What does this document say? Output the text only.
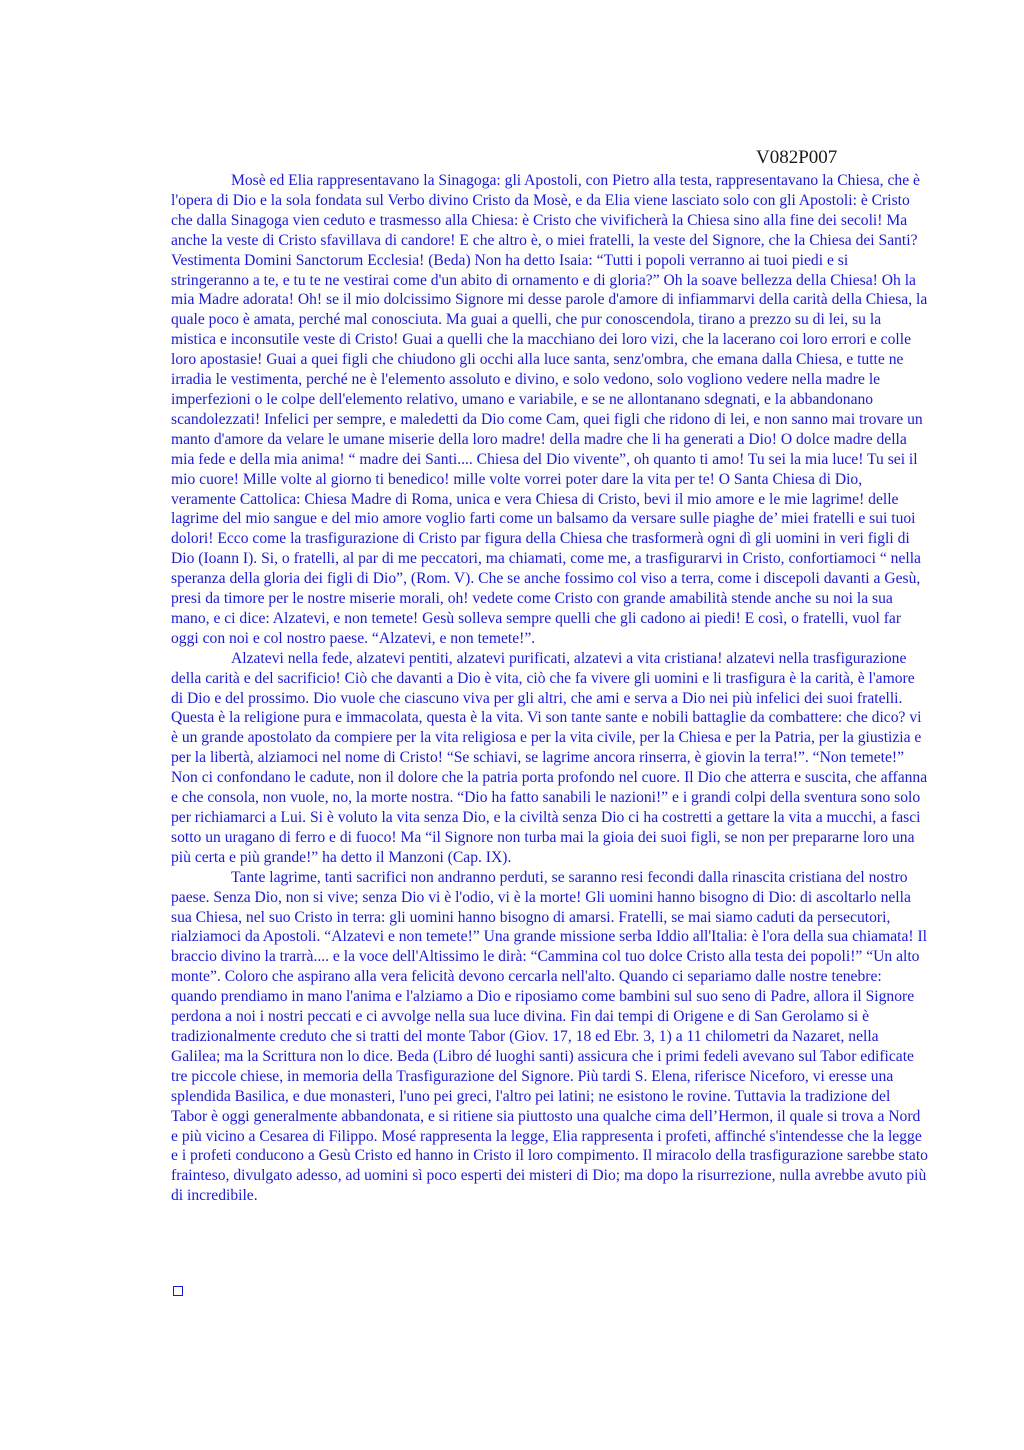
V082P007

Mosè ed Elia rappresentavano la Sinagoga: gli Apostoli, con Pietro alla testa, rappresentavano la Chiesa, che è l'opera di Dio e la sola fondata sul Verbo divino Cristo da Mosè, e da Elia viene lasciato solo con gli Apostoli: è Cristo che dalla Sinagoga vien ceduto e trasmesso alla Chiesa: è Cristo che vivificherà la Chiesa sino alla fine dei secoli! Ma anche la veste di Cristo sfavillava di candore! E che altro è, o miei fratelli, la veste del Signore, che la Chiesa dei Santi? Vestimenta Domini Sanctorum Ecclesia! (Beda) Non ha detto Isaia: “Tutti i popoli verranno ai tuoi piedi e si stringeranno a te, e tu te ne vestirai come d'un abito di ornamento e di gloria?” Oh la soave bellezza della Chiesa! Oh la mia Madre adorata! Oh! se il mio dolcissimo Signore mi desse parole d'amore di infiammarvi della carità della Chiesa, la quale poco è amata, perché mal conosciuta. Ma guai a quelli, che pur conoscendola, tirano a prezzo su di lei, su la mistica e inconsutile veste di Cristo! Guai a quelli che la macchiano dei loro vizi, che la lacerano coi loro errori e colle loro apostasie! Guai a quei figli che chiudono gli occhi alla luce santa, senz'ombra, che emana dalla Chiesa, e tutte ne irradia le vestimenta, perché ne è l'elemento assoluto e divino, e solo vedono, solo vogliono vedere nella madre le imperfezioni o le colpe dell'elemento relativo, umano e variabile, e se ne allontanano sdegnati, e la abbandonano scandolezzati! Infelici per sempre, e maledetti da Dio come Cam, quei figli che ridono di lei, e non sanno mai trovare un manto d'amore da velare le umane miserie della loro madre! della madre che li ha generati a Dio! O dolce madre della mia fede e della mia anima! “ madre dei Santi.... Chiesa del Dio vivente”, oh quanto ti amo! Tu sei la mia luce! Tu sei il mio cuore! Mille volte al giorno ti benedico! mille volte vorrei poter dare la vita per te! O Santa Chiesa di Dio, veramente Cattolica: Chiesa Madre di Roma, unica e vera Chiesa di Cristo, bevi il mio amore e le mie lagrime! delle lagrime del mio sangue e del mio amore voglio farti come un balsamo da versare sulle piaghe de’ miei fratelli e sui tuoi dolori! Ecco come la trasfigurazione di Cristo par figura della Chiesa che trasformerà ogni dì gli uomini in veri figli di Dio (Ioann I). Si, o fratelli, al par di me peccatori, ma chiamati, come me, a trasfigurarvi in Cristo, confortiamoci “ nella speranza della gloria dei figli di Dio”, (Rom. V). Che se anche fossimo col viso a terra, come i discepoli davanti a Gesù, presi da timore per le nostre miserie morali, oh! vedete come Cristo con grande amabilità stende anche su noi la sua mano, e ci dice: Alzatevi, e non temete! Gesù solleva sempre quelli che gli cadono ai piedi! E così, o fratelli, vuol far oggi con noi e col nostro paese. “Alzatevi, e non temete!”.

Alzatevi nella fede, alzatevi pentiti, alzatevi purificati, alzatevi a vita cristiana! alzatevi nella trasfigurazione della carità e del sacrificio! Ciò che davanti a Dio è vita, ciò che fa vivere gli uomini e li trasfigura è la carità, è l'amore di Dio e del prossimo. Dio vuole che ciascuno viva per gli altri, che ami e serva a Dio nei più infelici dei suoi fratelli. Questa è la religione pura e immacolata, questa è la vita. Vi son tante sante e nobili battaglie da combattere: che dico? vi è un grande apostolato da compiere per la vita religiosa e per la vita civile, per la Chiesa e per la Patria, per la giustizia e per la libertà, alziamoci nel nome di Cristo! “Se schiavi, se lagrime ancora rinserra, è giovin la terra!”. “Non temete!” Non ci confondano le cadute, non il dolore che la patria porta profondo nel cuore. Il Dio che atterra e suscita, che affanna e che consola, non vuole, no, la morte nostra. “Dio ha fatto sanabili le nazioni!” e i grandi colpi della sventura sono solo per richiamarci a Lui. Si è voluto la vita senza Dio, e la civiltà senza Dio ci ha costretti a gettare la vita a mucchi, a fasci sotto un uragano di ferro e di fuoco! Ma “il Signore non turba mai la gioia dei suoi figli, se non per prepararne loro una più certa e più grande!” ha detto il Manzoni (Cap. IX).

Tante lagrime, tanti sacrifici non andranno perduti, se saranno resi fecondi dalla rinascita cristiana del nostro paese. Senza Dio, non si vive; senza Dio vi è l'odio, vi è la morte! Gli uomini hanno bisogno di Dio: di ascoltarlo nella sua Chiesa, nel suo Cristo in terra: gli uomini hanno bisogno di amarsi. Fratelli, se mai siamo caduti da persecutori, rialziamoci da Apostoli. “Alzatevi e non temete!” Una grande missione serba Iddio all'Italia: è l'ora della sua chiamata! Il braccio divino la trarrà.... e la voce dell'Altissimo le dirà: “Cammina col tuo dolce Cristo alla testa dei popoli!” “Un alto monte”. Coloro che aspirano alla vera felicità devono cercarla nell'alto. Quando ci separiamo dalle nostre tenebre: quando prendiamo in mano l'anima e l'alziamo a Dio e riposiamo come bambini sul suo seno di Padre, allora il Signore perdona a noi i nostri peccati e ci avvolge nella sua luce divina. Fin dai tempi di Origene e di San Gerolamo si è tradizionalmente creduto che si tratti del monte Tabor (Giov. 17, 18 ed Ebr. 3, 1) a 11 chilometri da Nazaret, nella Galilea; ma la Scrittura non lo dice. Beda (Libro dé luoghi santi) assicura che i primi fedeli avevano sul Tabor edificate tre piccole chiese, in memoria della Trasfigurazione del Signore. Più tardi S. Elena, riferisce Niceforo, vi eresse una splendida Basilica, e due monasteri, l'uno pei greci, l'altro pei latini; ne esistono le rovine. Tuttavia la tradizione del Tabor è oggi generalmente abbandonata, e si ritiene sia piuttosto una qualche cima dell’Hermon, il quale si trova a Nord e più vicino a Cesarea di Filippo. Mosé rappresenta la legge, Elia rappresenta i profeti, affinché s'intendesse che la legge e i profeti conducono a Gesù Cristo ed hanno in Cristo il loro compimento. Il miracolo della trasfigurazione sarebbe stato frainteso, divulgato adesso, ad uomini sì poco esperti dei misteri di Dio; ma dopo la risurrezione, nulla avrebbe avuto più di incredibile.
